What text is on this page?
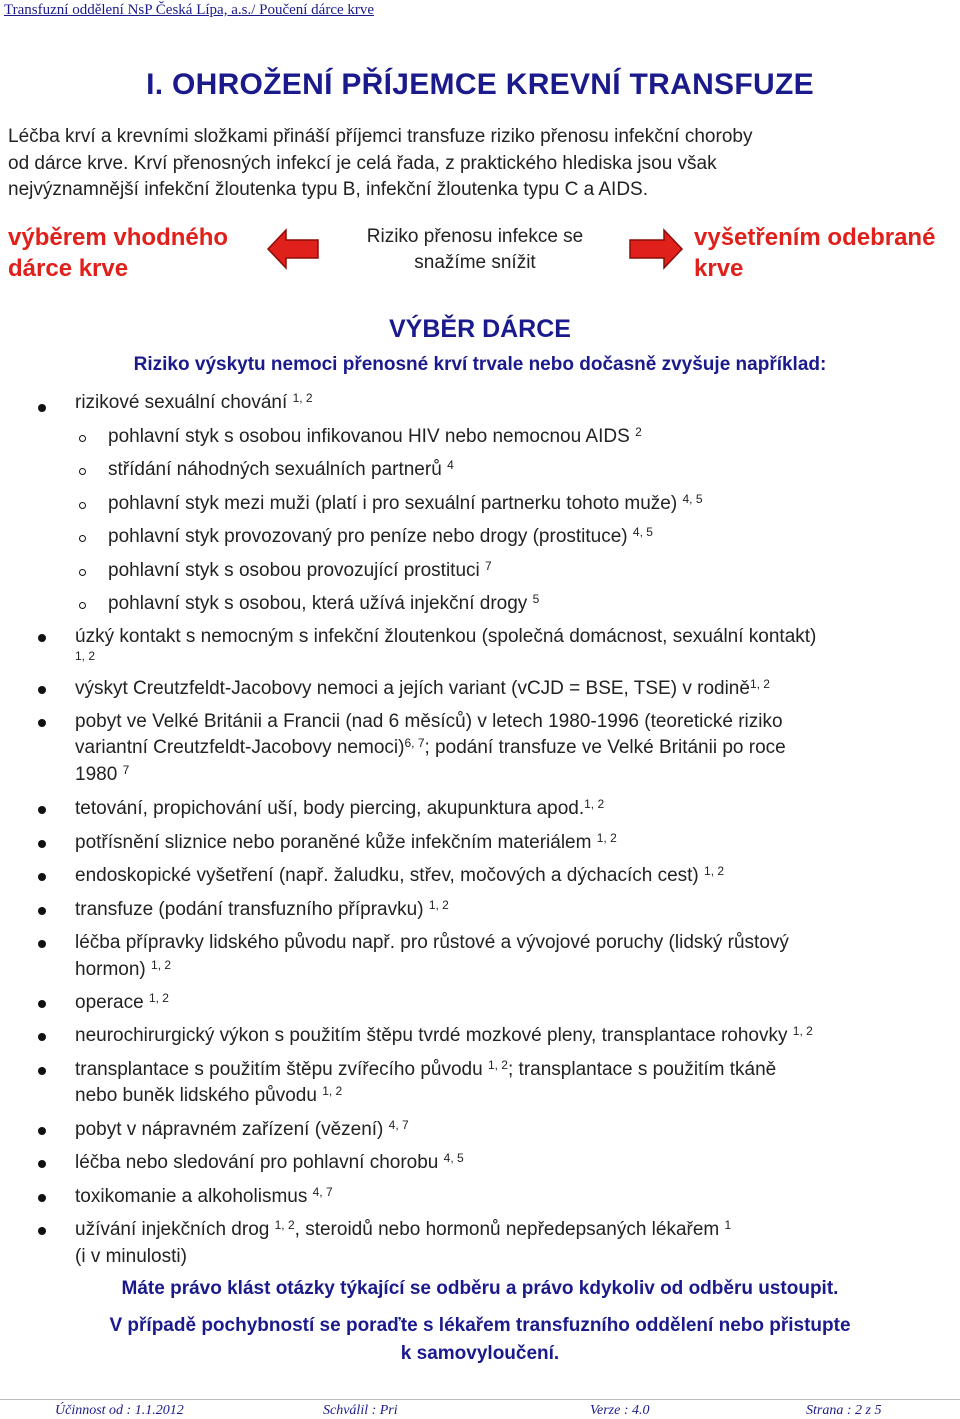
Transfuzní oddělení NsP Česká Lípa, a.s./ Poučení dárce krve
I. OHROŽENÍ PŘÍJEMCE KREVNÍ TRANSFUZE
Léčba krví a krevními složkami přináší příjemci transfuze riziko přenosu infekční choroby
od dárce krve. Krví přenosných infekcí je celá řada, z praktického hlediska jsou však
nejvýznamnější infekční žloutenka typu B, infekční žloutenka typu C a AIDS.
výběrem vhodného
dárce krve
Riziko přenosu infekce se
snažíme snížit
vyšetřením odebrané
krve
VÝBĚR DÁRCE
Riziko výskytu nemoci přenosné krví trvale nebo dočasně zvyšuje například:
rizikové sexuální chování $^{1, 2}$
pohlavní styk s osobou infikovanou HIV nebo nemocnou AIDS $^2$
střídání náhodných sexuálních partnerů $^4$
pohlavní styk mezi muži (platí i pro sexuální partnerku tohoto muže) $^{4, 5}$
pohlavní styk provozovaný pro peníze nebo drogy (prostituce) $^{4, 5}$
pohlavní styk s osobou provozující prostituci $^7$
pohlavní styk s osobou, která užívá injekční drogy $^5$
úzký kontakt s nemocným s infekční žloutenkou (společná domácnost, sexuální kontakt)
$^{1, 2}$
výskyt Creutzfeldt-Jacobovy nemoci a jejích variant (vCJD = BSE, TSE) v rodině$^{1, 2}$
pobyt ve Velké Británii a Francii (nad 6 měsíců) v letech 1980-1996 (teoretické riziko
variantní Creutzfeldt-Jacobovy nemoci)$^{6, 7}$; podání transfuze ve Velké Británii po roce
1980 $^7$
tetování, propichování uší, body piercing, akupunktura apod.$^{1, 2}$
potřísnění sliznice nebo poraněné kůže infekčním materiálem $^{1, 2}$
endoskopické vyšetření (např. žaludku, střev, močových a dýchacích cest) $^{1, 2}$
transfuze (podání transfuzního přípravku) $^{1, 2}$
léčba přípravky lidského původu např. pro růstové a vývojové poruchy (lidský růstový
hormon) $^{1, 2}$
operace $^{1, 2}$
neurochirurgický výkon s použitím štěpu tvrdé mozkové pleny, transplantace rohovky $^{1, 2}$
transplantace s použitím štěpu zvířecího původu $^{1, 2}$; transplantace s použitím tkáně
nebo buněk lidského původu $^{1, 2}$
pobyt v nápravném zařízení (vězení) $^{4, 7}$
léčba nebo sledování pro pohlavní chorobu $^{4, 5}$
toxikomanie a alkoholismus $^{4, 7}$
užívání injekčních drog $^{1, 2}$, steroidů nebo hormonů nepředepsaných lékařem $^1$
(i v minulosti)
Máte právo klást otázky týkající se odběru a právo kdykoliv od odběru ustoupit.
V případě pochybností se poraďte s lékařem transfuzního oddělení nebo přistupte
k samovyloučení.
Účinnost od : 1.1.2012	Schválil : Pri	Verze : 4.0	Strana : 2 z 5
